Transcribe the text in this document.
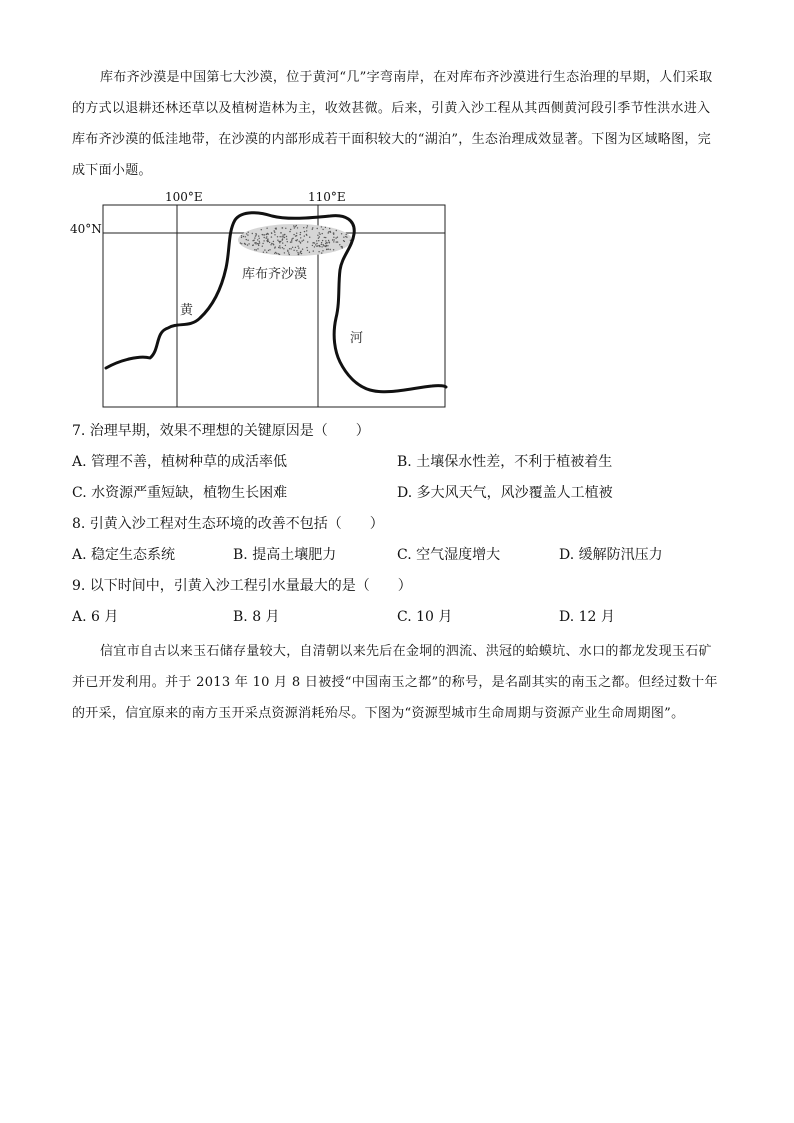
库布齐沙漠是中国第七大沙漠，位于黄河“几”字弯南岸，在对库布齐沙漠进行生态治理的早期，人们采取的方式以退耕还林还草以及植树造林为主，收效甚微。后来，引黄入沙工程从其西侧黄河段引季节性洪水进入库布齐沙漠的低洼地带，在沙漠的内部形成若干面积较大的“湖泊”，生态治理成效显著。下图为区域略图，完成下面小题。

100°E	110°E
40°N
库布齐沙漠
黄
河
7. 治理早期，效果不理想的关键原因是（　　）
A. 管理不善，植树种草的成活率低	B. 土壤保水性差，不利于植被着生
C. 水资源严重短缺，植物生长困难	D. 多大风天气，风沙覆盖人工植被
8. 引黄入沙工程对生态环境的改善不包括（　　）
A. 稳定生态系统	B. 提高土壤肥力	C. 空气湿度增大	D. 缓解防汛压力
9. 以下时间中，引黄入沙工程引水量最大的是（　　）
A. 6 月	B. 8 月	C. 10 月	D. 12 月

信宜市自古以来玉石储存量较大，自清朝以来先后在金垌的泗流、洪冠的蛤蟆坑、水口的都龙发现玉石矿并已开发利用。并于 2013 年 10 月 8 日被授“中国南玉之都”的称号，是名副其实的南玉之都。但经过数十年的开采，信宜原来的南方玉开采点资源消耗殆尽。下图为“资源型城市生命周期与资源产业生命周期图”。
